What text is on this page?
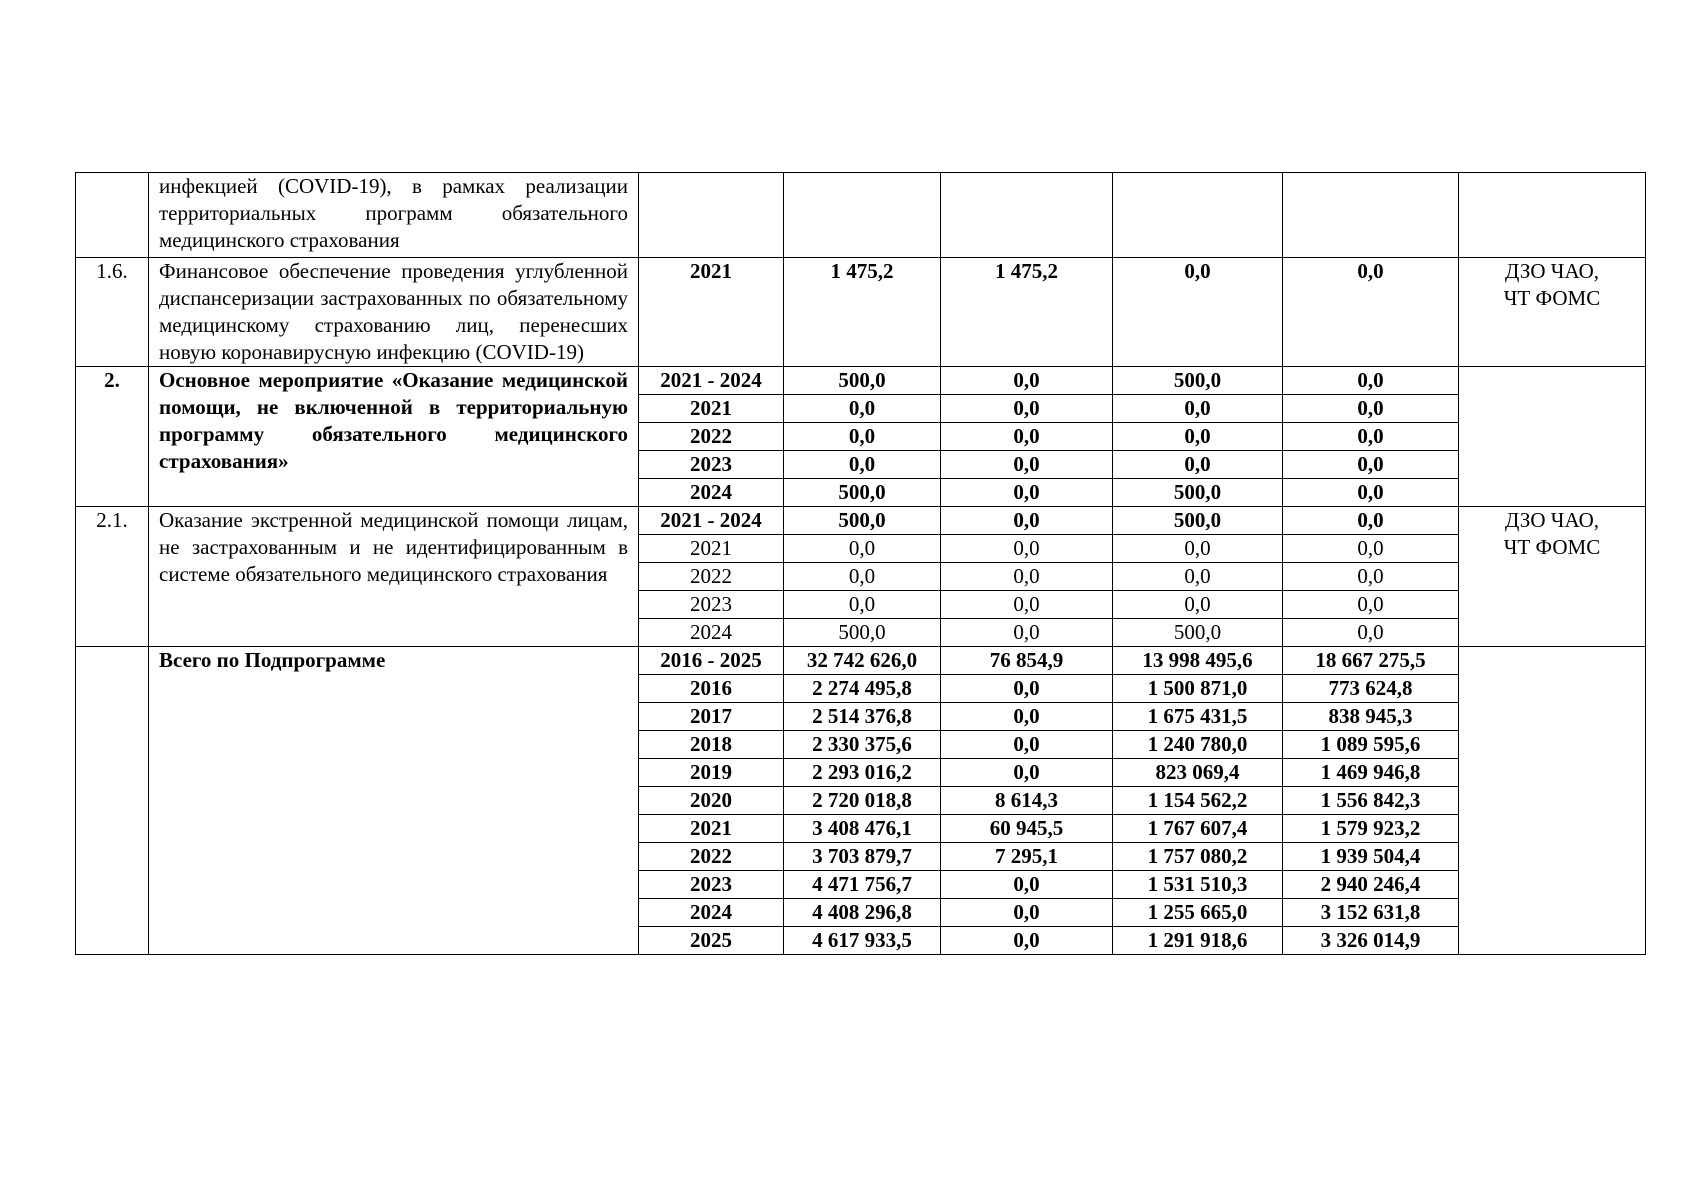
	инфекцией (COVID-19), в рамках реализации территориальных программ обязательного медицинского страхования						
1.6.	Финансовое обеспечение проведения углубленной диспансеризации застрахованных по обязательному медицинскому страхованию лиц, перенесших новую коронавирусную инфекцию (COVID-19)	2021	1 475,2	1 475,2	0,0	0,0	ДЗО ЧАО,
ЧТ ФОМС

2.	Основное мероприятие «Оказание медицинской помощи, не включенной в территориальную программу обязательного медицинского страхования»	2021 - 2024	500,0	0,0	500,0	0,0	
		2021	0,0	0,0	0,0	0,0	
		2022	0,0	0,0	0,0	0,0	
		2023	0,0	0,0	0,0	0,0	
		2024	500,0	0,0	500,0	0,0	
2.1.	Оказание экстренной медицинской помощи лицам, не застрахованным и не идентифицированным в системе обязательного медицинского страхования	2021 - 2024	500,0	0,0	500,0	0,0	ДЗО ЧАО,
ЧТ ФОМС

		2021	0,0	0,0	0,0	0,0	
		2022	0,0	0,0	0,0	0,0	
		2023	0,0	0,0	0,0	0,0	
		2024	500,0	0,0	500,0	0,0	
	Всего по Подпрограмме	2016 - 2025	32 742 626,0	76 854,9	13 998 495,6	18 667 275,5	
		2016	2 274 495,8	0,0	1 500 871,0	773 624,8	
		2017	2 514 376,8	0,0	1 675 431,5	838 945,3	
		2018	2 330 375,6	0,0	1 240 780,0	1 089 595,6	
		2019	2 293 016,2	0,0	823 069,4	1 469 946,8	
		2020	2 720 018,8	8 614,3	1 154 562,2	1 556 842,3	
		2021	3 408 476,1	60 945,5	1 767 607,4	1 579 923,2	
		2022	3 703 879,7	7 295,1	1 757 080,2	1 939 504,4	
		2023	4 471 756,7	0,0	1 531 510,3	2 940 246,4	
		2024	4 408 296,8	0,0	1 255 665,0	3 152 631,8	
		2025	4 617 933,5	0,0	1 291 918,6	3 326 014,9	
